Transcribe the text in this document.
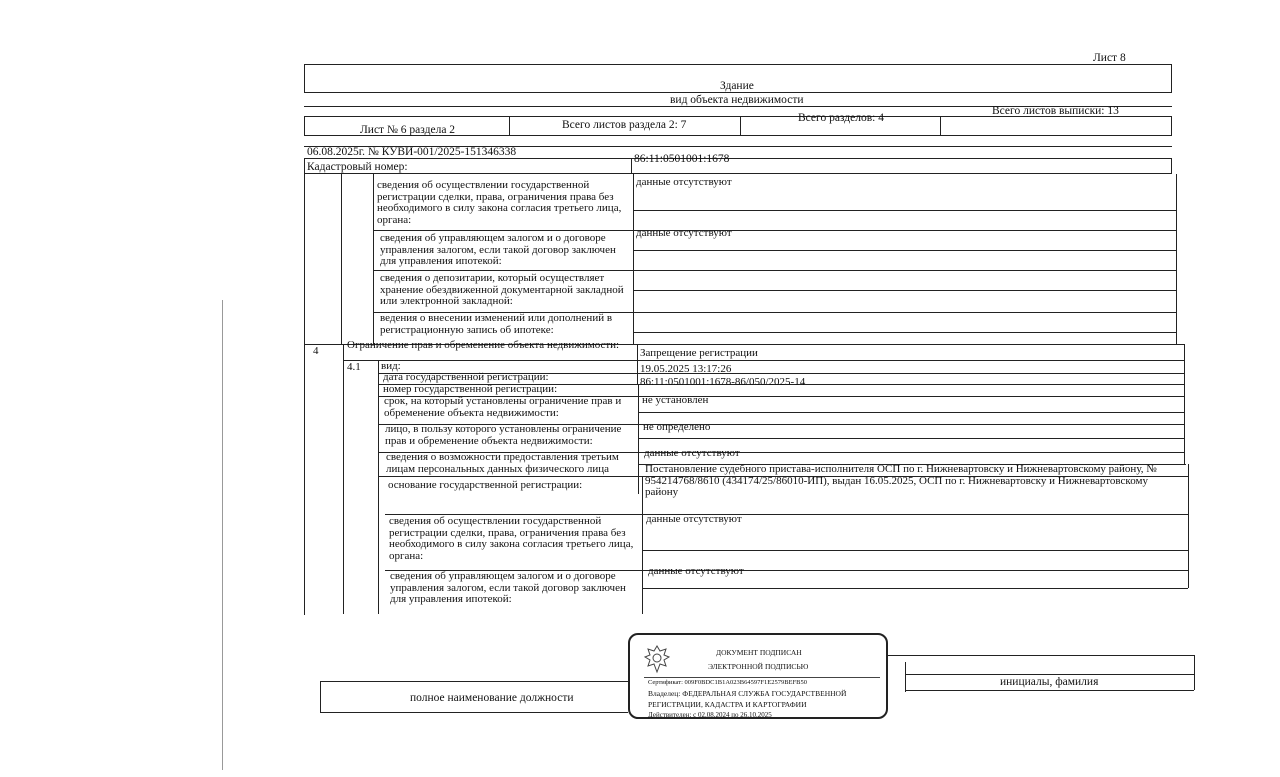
Лист 8
Здание
вид объекта недвижимости
Лист № 6 раздела 2	Всего листов раздела 2: 7
Всего разделов: 4
Всего листов выписки: 13
06.08.2025г. № КУВИ-001/2025-151346338
Кадастровый номер:
86:11:0501001:1678
сведения об осуществлении государственной регистрации сделки, права, ограничения права без необходимого в силу закона согласия третьего лица, органа:
данные отсутствуют
сведения об управляющем залогом и о договоре управления залогом, если такой договор заключен для управления ипотекой:
данные отсутствуют
сведения о депозитарии, который осуществляет хранение обездвиженной документарной закладной или электронной закладной:
ведения о внесении изменений или дополнений в регистрационную запись об ипотеке:
4	Ограничение прав и обременение объекта недвижимости:
4.1 вид:
Запрещение регистрации
дата государственной регистрации:
19.05.2025 13:17:26
номер государственной регистрации:
86:11:0501001:1678-86/050/2025-14
срок, на который установлены ограничение прав и обременение объекта недвижимости:
не установлен
лицо, в пользу которого установлены ограничение прав и обременение объекта недвижимости:
не определено
сведения о возможности предоставления третьим лицам персональных данных физического лица
данные отсутствуют
основание государственной регистрации:
Постановление судебного пристава-исполнителя ОСП по г. Нижневартовску и Нижневартовскому району, № 954214768/8610 (434174/25/86010-ИП), выдан 16.05.2025, ОСП по г. Нижневартовску и Нижневартовскому району
сведения об осуществлении государственной регистрации сделки, права, ограничения права без необходимого в силу закона согласия третьего лица, органа:
данные отсутствуют
сведения об управляющем залогом и о договоре управления залогом, если такой договор заключен для управления ипотекой:
данные отсутствуют
полное наименование должности
инициалы, фамилия
ДОКУМЕНТ ПОДПИСАН
ЭЛЕКТРОННОЙ ПОДПИСЬЮ
Сертификат: 009F0BDC1B1A023B64597F1E2579BEFB50
Владелец: ФЕДЕРАЛЬНАЯ СЛУЖБА ГОСУДАРСТВЕННОЙ
РЕГИСТРАЦИИ, КАДАСТРА И КАРТОГРАФИИ
Действителен: с 02.08.2024 по 26.10.2025
